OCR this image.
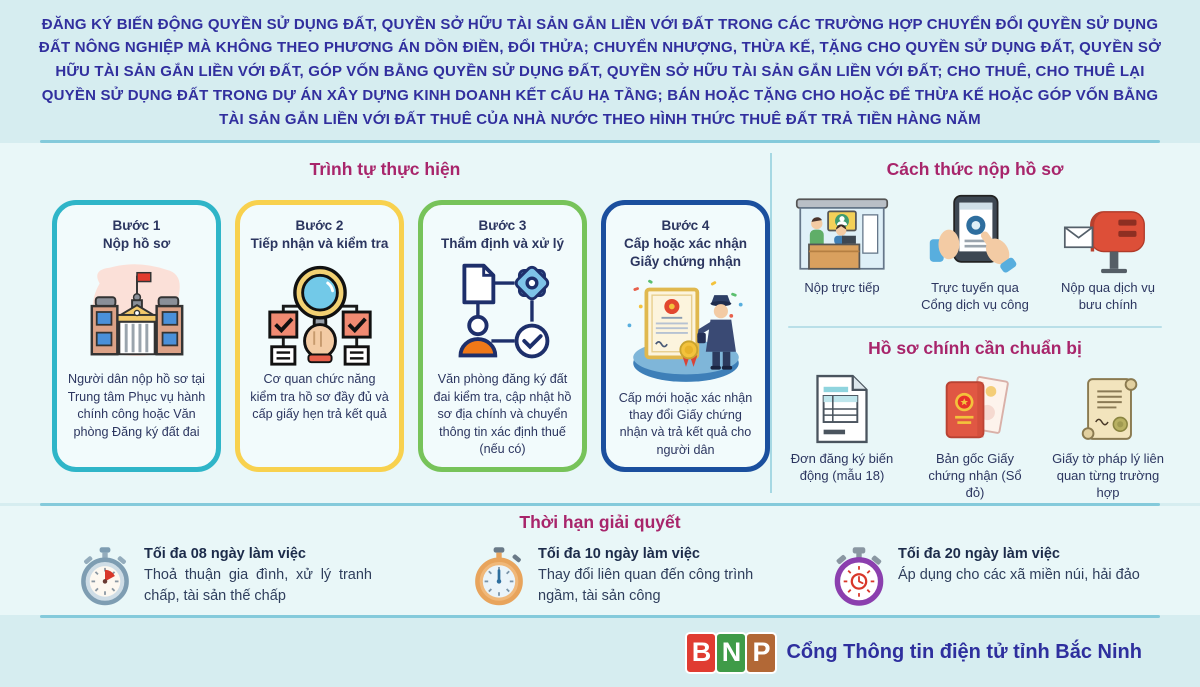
ĐĂNG KÝ BIẾN ĐỘNG QUYỀN SỬ DỤNG ĐẤT, QUYỀN SỞ HỮU TÀI SẢN GẮN LIỀN VỚI ĐẤT TRONG CÁC TRƯỜNG HỢP CHUYỂN ĐỔI QUYỀN SỬ DỤNG ĐẤT NÔNG NGHIỆP MÀ KHÔNG THEO PHƯƠNG ÁN DỒN ĐIỀN, ĐỔI THỬA; CHUYỂN NHƯỢNG, THỪA KẾ, TẶNG CHO QUYỀN SỬ DỤNG ĐẤT, QUYỀN SỞ HỮU TÀI SẢN GẮN LIỀN VỚI ĐẤT, GÓP VỐN BẰNG QUYỀN SỬ DỤNG ĐẤT, QUYỀN SỞ HỮU TÀI SẢN GẮN LIỀN VỚI ĐẤT; CHO THUÊ, CHO THUÊ LẠI QUYỀN SỬ DỤNG ĐẤT TRONG DỰ ÁN XÂY DỰNG KINH DOANH KẾT CẤU HẠ TẦNG; BÁN HOẶC TẶNG CHO HOẶC ĐỂ THỪA KẾ HOẶC GÓP VỐN BẰNG TÀI SẢN GẮN LIỀN VỚI ĐẤT THUÊ CỦA NHÀ NƯỚC THEO HÌNH THỨC THUÊ ĐẤT TRẢ TIỀN HÀNG NĂM
Trình tự thực hiện
Bước 1
Nộp hồ sơ
Người dân nộp hồ sơ tại Trung tâm Phục vụ hành chính công hoặc Văn phòng Đăng ký đất đai
Bước 2
Tiếp nhận và kiểm tra
Cơ quan chức năng kiểm tra hồ sơ đầy đủ và cấp giấy hẹn trả kết quả
Bước 3
Thẩm định và xử lý
Văn phòng đăng ký đất đai kiểm tra, cập nhật hồ sơ địa chính và chuyển thông tin xác định thuế (nếu có)
Bước 4
Cấp hoặc xác nhận Giấy chứng nhận
Cấp mới hoặc xác nhận thay đổi Giấy chứng nhận và trả kết quả cho người dân
Cách thức nộp hồ sơ
Nộp trực tiếp	Trực tuyến qua Cổng dịch vụ công
Nộp qua dịch vụ bưu chính
Hồ sơ chính cần chuẩn bị
Đơn đăng ký biến động (mẫu 18)
Bản gốc Giấy chứng nhận (Sổ đỏ)
Giấy tờ pháp lý liên quan từng trường hợp
Thời hạn giải quyết
Tối đa 08 ngày làm việc
Thoả thuận gia đình, xử lý tranh chấp, tài sản thế chấp
Tối đa 10 ngày làm việc
Thay đổi liên quan đến công trình ngầm, tài sản công
Tối đa 20 ngày làm việc
Áp dụng cho các xã miền núi, hải đảo
B N P Cổng Thông tin điện tử tỉnh Bắc Ninh
